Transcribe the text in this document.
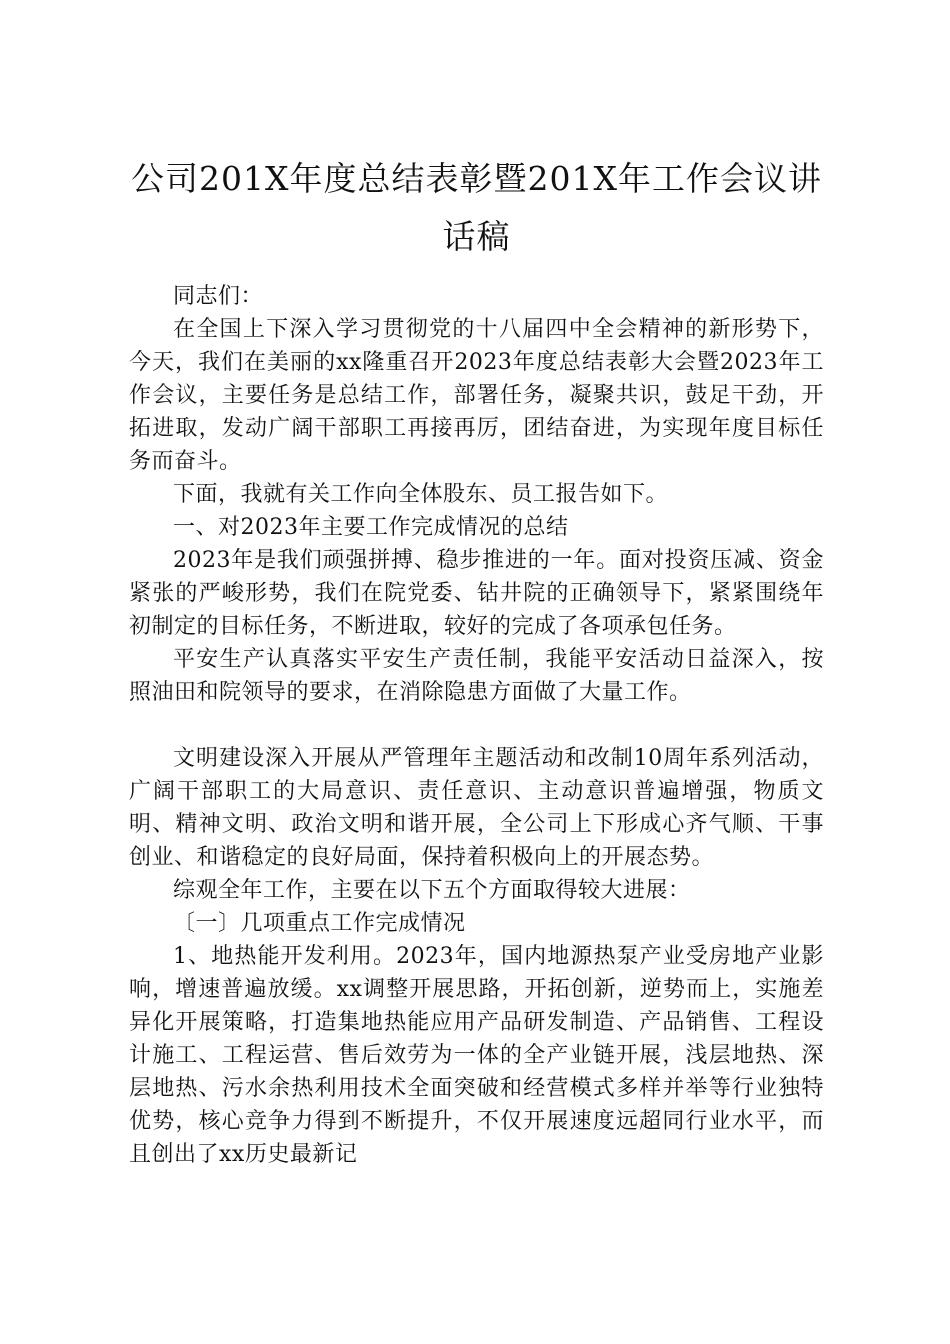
公司201X年度总结表彰暨201X年工作会议讲话稿

同志们：

在全国上下深入学习贯彻党的十八届四中全会精神的新形势下，今天，我们在美丽的xx隆重召开2023年度总结表彰大会暨2023年工作会议，主要任务是总结工作，部署任务，凝聚共识，鼓足干劲，开拓进取，发动广阔干部职工再接再厉，团结奋进，为实现年度目标任务而奋斗。

下面，我就有关工作向全体股东、员工报告如下。

一、对2023年主要工作完成情况的总结

2023年是我们顽强拼搏、稳步推进的一年。面对投资压减、资金紧张的严峻形势，我们在院党委、钻井院的正确领导下，紧紧围绕年初制定的目标任务，不断进取，较好的完成了各项承包任务。

平安生产认真落实平安生产责任制，我能平安活动日益深入，按照油田和院领导的要求，在消除隐患方面做了大量工作。

文明建设深入开展从严管理年主题活动和改制10周年系列活动，广阔干部职工的大局意识、责任意识、主动意识普遍增强，物质文明、精神文明、政治文明和谐开展，全公司上下形成心齐气顺、干事创业、和谐稳定的良好局面，保持着积极向上的开展态势。

综观全年工作，主要在以下五个方面取得较大进展：

〔一〕几项重点工作完成情况

1、地热能开发利用。2023年，国内地源热泵产业受房地产业影响，增速普遍放缓。xx调整开展思路，开拓创新，逆势而上，实施差异化开展策略，打造集地热能应用产品研发制造、产品销售、工程设计施工、工程运营、售后效劳为一体的全产业链开展，浅层地热、深层地热、污水余热利用技术全面突破和经营模式多样并举等行业独特优势，核心竞争力得到不断提升，不仅开展速度远超同行业水平，而且创出了xx历史最新记
